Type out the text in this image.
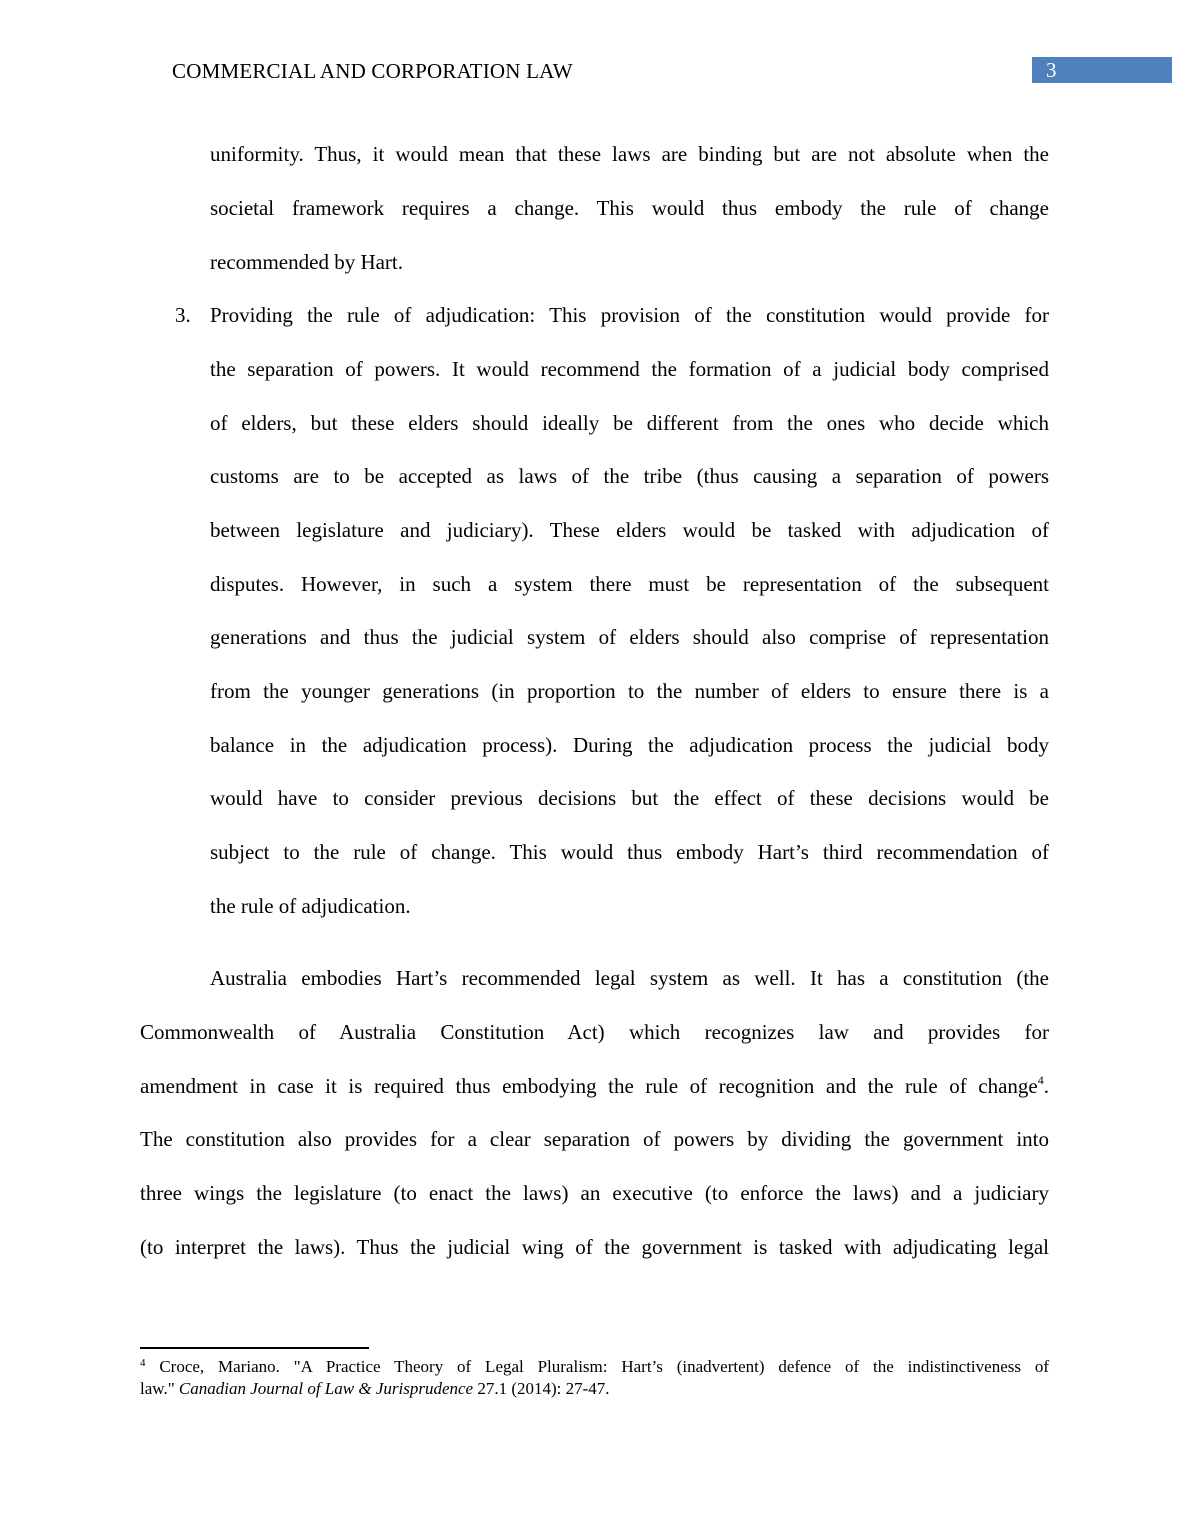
COMMERCIAL AND CORPORATION LAW	3
uniformity. Thus, it would mean that these laws are binding but are not absolute when the
societal framework requires a change. This would thus embody the rule of change
recommended by Hart.
3. Providing the rule of adjudication: This provision of the constitution would provide for
the separation of powers. It would recommend the formation of a judicial body comprised
of elders, but these elders should ideally be different from the ones who decide which
customs are to be accepted as laws of the tribe (thus causing a separation of powers
between legislature and judiciary). These elders would be tasked with adjudication of
disputes. However, in such a system there must be representation of the subsequent
generations and thus the judicial system of elders should also comprise of representation
from the younger generations (in proportion to the number of elders to ensure there is a
balance in the adjudication process). During the adjudication process the judicial body
would have to consider previous decisions but the effect of these decisions would be
subject to the rule of change. This would thus embody Hart’s third recommendation of
the rule of adjudication.
Australia embodies Hart’s recommended legal system as well. It has a constitution (the
Commonwealth of Australia Constitution Act) which recognizes law and provides for
amendment in case it is required thus embodying the rule of recognition and the rule of change$^4$.
The constitution also provides for a clear separation of powers by dividing the government into
three wings the legislature (to enact the laws) an executive (to enforce the laws) and a judiciary
(to interpret the laws). Thus the judicial wing of the government is tasked with adjudicating legal
$^4$ Croce, Mariano. "A Practice Theory of Legal Pluralism: Hart’s (inadvertent) defence of the indistinctiveness of
law." Canadian Journal of Law & Jurisprudence 27.1 (2014): 27-47.
